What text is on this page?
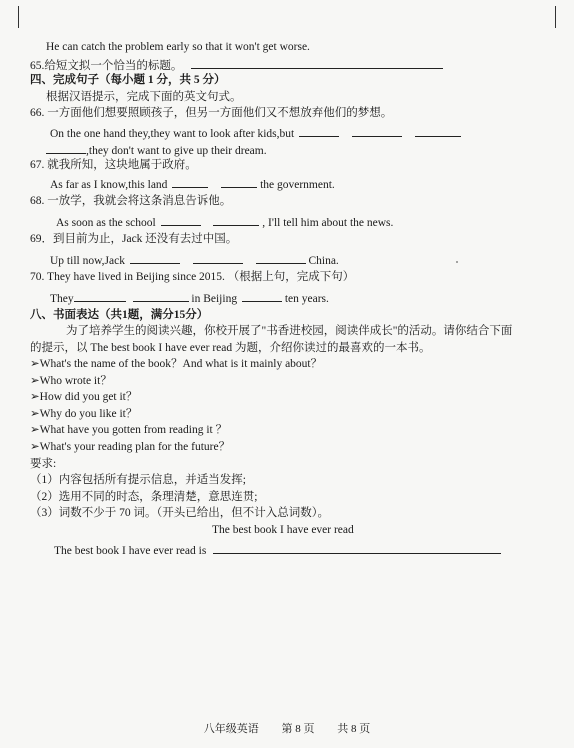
He can catch the problem early so that it won't get worse.
65.给短文拟一个恰当的标题。
四、完成句子（每小题 1 分，共 5 分）
根据汉语提示，完成下面的英文句式。
66. 一方面他们想要照顾孩子，但另一方面他们又不想放弃他们的梦想。
On the one hand they,they want to look after kids,but
,they don't want to give up their dream.
67. 就我所知，这块地属于政府。
As far as I know,this land	the government.
68. 一放学，我就会将这条消息告诉他。
As soon as the school	, I'll tell him about the news.
69．到目前为止，Jack 还没有去过中国。
Up till now,Jack	China.
70. They have lived in Beijing since 2015. （根据上句，完成下句）
They	in Beijing	ten years.
八、书面表达（共1题，满分15分）
为了培养学生的阅读兴趣，你校开展了"书香进校园，阅读伴成长"的活动。请你结合下面
的提示，以 The best book I have ever read 为题，介绍你读过的最喜欢的一本书。
➢What's the name of the book？And what is it mainly about？
➢Who wrote it？
➢How did you get it？
➢Why do you like it？
➢What have you gotten from reading it ？
➢What's your reading plan for the future？
要求:
（1）内容包括所有提示信息，并适当发挥;
（2）选用不同的时态，条理清楚，意思连贯;
（3）词数不少于 70 词。（开头已给出，但不计入总词数）。
The best book I have ever read
The best book I have ever read is
八年级英语 第 8 页 共 8 页
